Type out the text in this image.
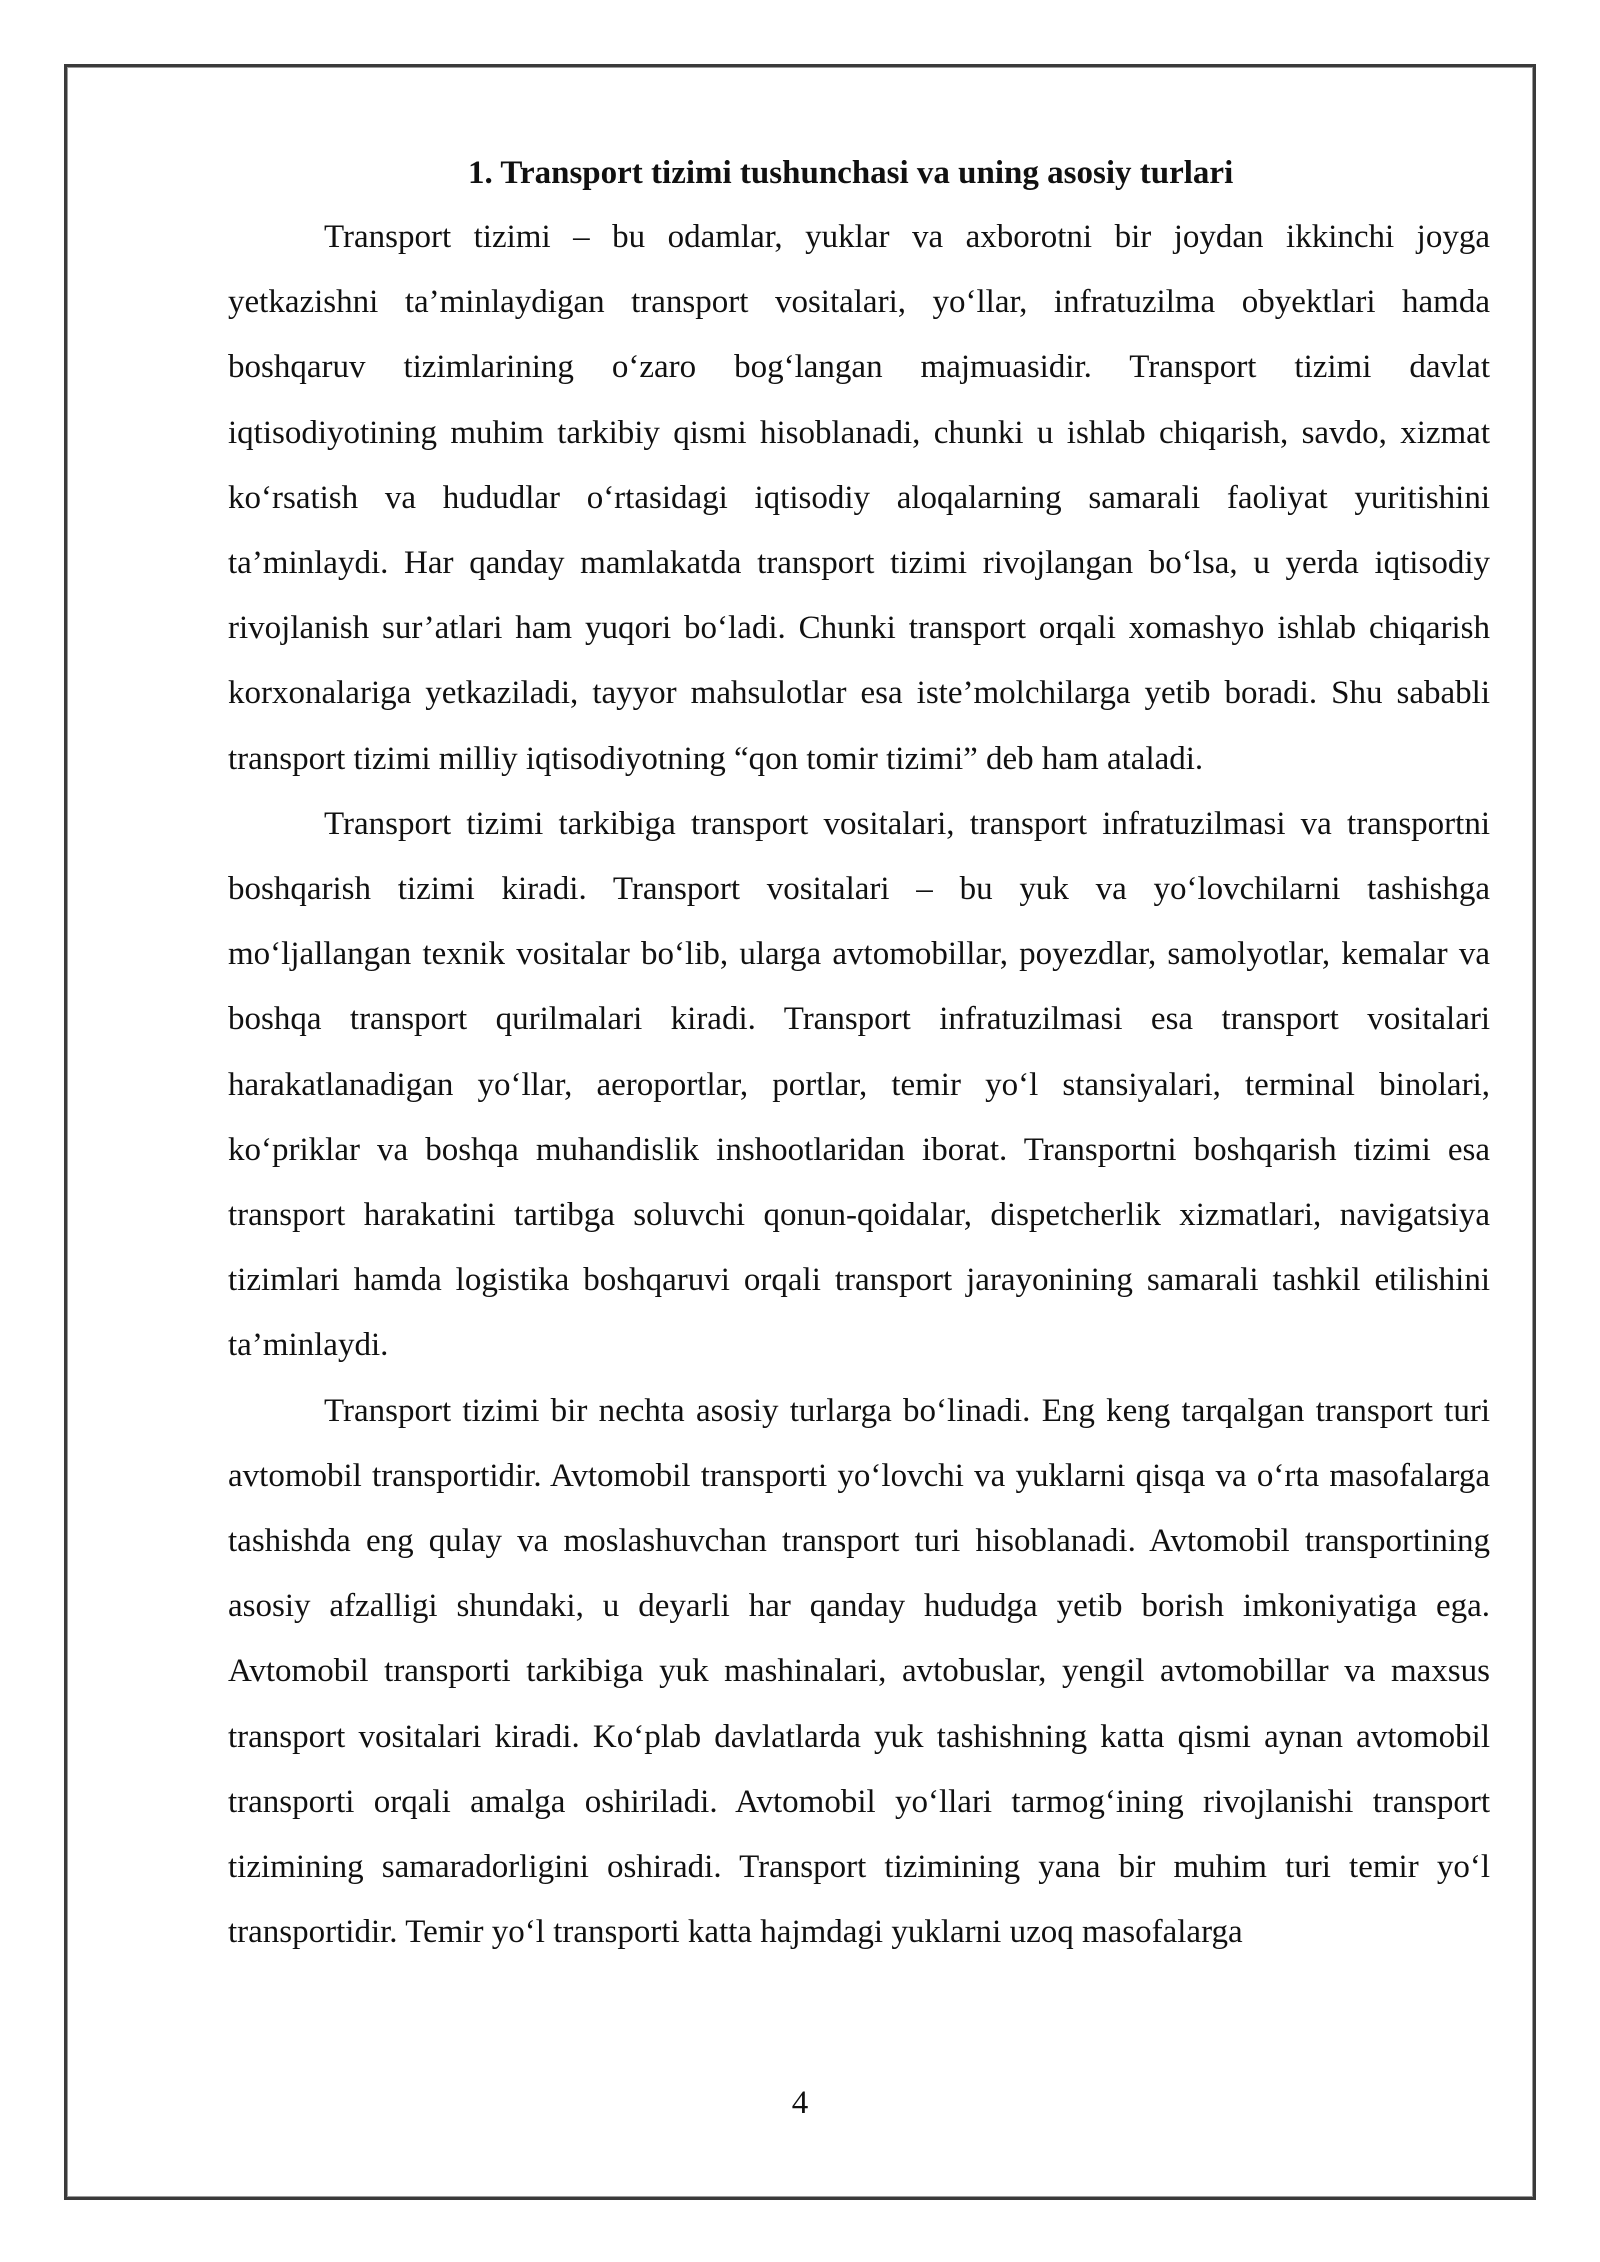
1. Transport tizimi tushunchasi va uning asosiy turlari

Transport tizimi – bu odamlar, yuklar va axborotni bir joydan ikkinchi joyga yetkazishni ta’minlaydigan transport vositalari, yo‘llar, infratuzilma obyektlari hamda boshqaruv tizimlarining o‘zaro bog‘langan majmuasidir. Transport tizimi davlat iqtisodiyotining muhim tarkibiy qismi hisoblanadi, chunki u ishlab chiqarish, savdo, xizmat ko‘rsatish va hududlar o‘rtasidagi iqtisodiy aloqalarning samarali faoliyat yuritishini ta’minlaydi. Har qanday mamlakatda transport tizimi rivojlangan bo‘lsa, u yerda iqtisodiy rivojlanish sur’atlari ham yuqori bo‘ladi. Chunki transport orqali xomashyo ishlab chiqarish korxonalariga yetkaziladi, tayyor mahsulotlar esa iste’molchilarga yetib boradi. Shu sababli transport tizimi milliy iqtisodiyotning “qon tomir tizimi” deb ham ataladi.

Transport tizimi tarkibiga transport vositalari, transport infratuzilmasi va transportni boshqarish tizimi kiradi. Transport vositalari – bu yuk va yo‘lovchilarni tashishga mo‘ljallangan texnik vositalar bo‘lib, ularga avtomobillar, poyezdlar, samolyotlar, kemalar va boshqa transport qurilmalari kiradi. Transport infratuzilmasi esa transport vositalari harakatlanadigan yo‘llar, aeroportlar, portlar, temir yo‘l stansiyalari, terminal binolari, ko‘priklar va boshqa muhandislik inshootlaridan iborat. Transportni boshqarish tizimi esa transport harakatini tartibga soluvchi qonun-qoidalar, dispetcherlik xizmatlari, navigatsiya tizimlari hamda logistika boshqaruvi orqali transport jarayonining samarali tashkil etilishini ta’minlaydi.

Transport tizimi bir nechta asosiy turlarga bo‘linadi. Eng keng tarqalgan transport turi avtomobil transportidir. Avtomobil transporti yo‘lovchi va yuklarni qisqa va o‘rta masofalarga tashishda eng qulay va moslashuvchan transport turi hisoblanadi. Avtomobil transportining asosiy afzalligi shundaki, u deyarli har qanday hududga yetib borish imkoniyatiga ega. Avtomobil transporti tarkibiga yuk mashinalari, avtobuslar, yengil avtomobillar va maxsus transport vositalari kiradi. Ko‘plab davlatlarda yuk tashishning katta qismi aynan avtomobil transporti orqali amalga oshiriladi. Avtomobil yo‘llari tarmog‘ining rivojlanishi transport tizimining samaradorligini oshiradi. Transport tizimining yana bir muhim turi temir yo‘l transportidir. Temir yo‘l transporti katta hajmdagi yuklarni uzoq masofalarga

4
